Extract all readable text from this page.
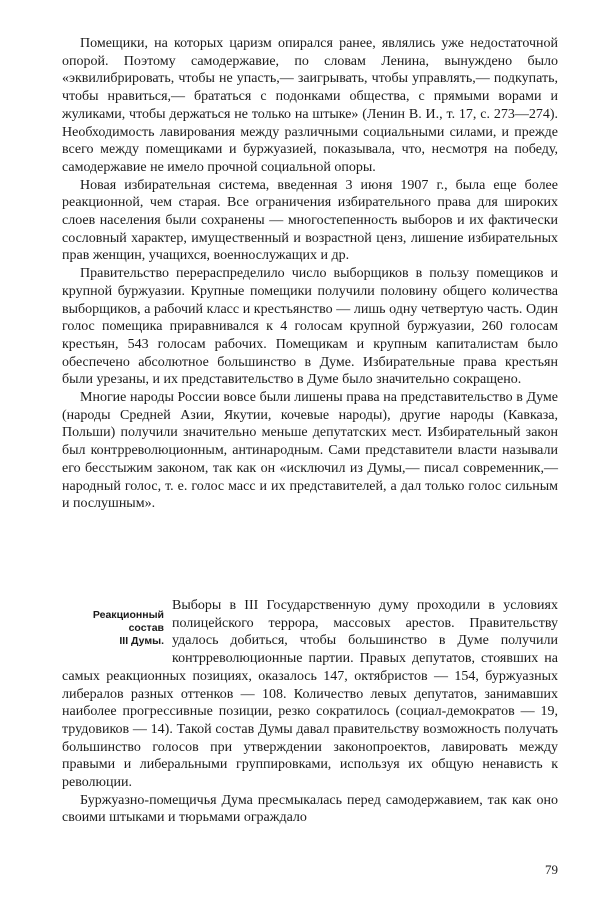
Помещики, на которых царизм опирался ранее, являлись уже недостаточной опорой. Поэтому самодержавие, по словам Ленина, вынуждено было «эквилибрировать, чтобы не упасть,— заигрывать, чтобы управлять,— подкупать, чтобы нравиться,— брататься с подонками общества, с прямыми ворами и жуликами, чтобы держаться не только на штыке» (Ленин В. И., т. 17, с. 273—274). Необходимость лавирования между различными социальными силами, и прежде всего между помещиками и буржуазией, показывала, что, несмотря на победу, самодержавие не имело прочной социальной опоры.

Новая избирательная система, введенная 3 июня 1907 г., была еще более реакционной, чем старая. Все ограничения избирательного права для широких слоев населения были сохранены — многостепенность выборов и их фактически сословный характер, имущественный и возрастной ценз, лишение избирательных прав женщин, учащихся, военнослужащих и др.

Правительство перераспределило число выборщиков в пользу помещиков и крупной буржуазии. Крупные помещики получили половину общего количества выборщиков, а рабочий класс и крестьянство — лишь одну четвертую часть. Один голос помещика приравнивался к 4 голосам крупной буржуазии, 260 голосам крестьян, 543 голосам рабочих. Помещикам и крупным капиталистам было обеспечено абсолютное большинство в Думе. Избирательные права крестьян были урезаны, и их представительство в Думе было значительно сокращено.

Многие народы России вовсе были лишены права на представительство в Думе (народы Средней Азии, Якутии, кочевые народы), другие народы (Кавказа, Польши) получили значительно меньше депутатских мест. Избирательный закон был контрреволюционным, антинародным. Сами представители власти называли его бесстыжим законом, так как он «исключил из Думы,— писал современник,— народный голос, т. е. голос масс и их представителей, а дал только голос сильным и послушным».

Реакционный
состав
III Думы.

Выборы в III Государственную думу проходили в условиях полицейского террора, массовых арестов. Правительству удалось добиться, чтобы большинство в Думе получили контрреволюционные партии. Правых депутатов, стоявших на самых реакционных позициях, оказалось 147, октябристов — 154, буржуазных либералов разных оттенков — 108. Количество левых депутатов, занимавших наиболее прогрессивные позиции, резко сократилось (социал-демократов — 19, трудовиков — 14). Такой состав Думы давал правительству возможность получать большинство голосов при утверждении законопроектов, лавировать между правыми и либеральными группировками, используя их общую ненависть к революции.

Буржуазно-помещичья Дума пресмыкалась перед самодержавием, так как оно своими штыками и тюрьмами ограждало

79
